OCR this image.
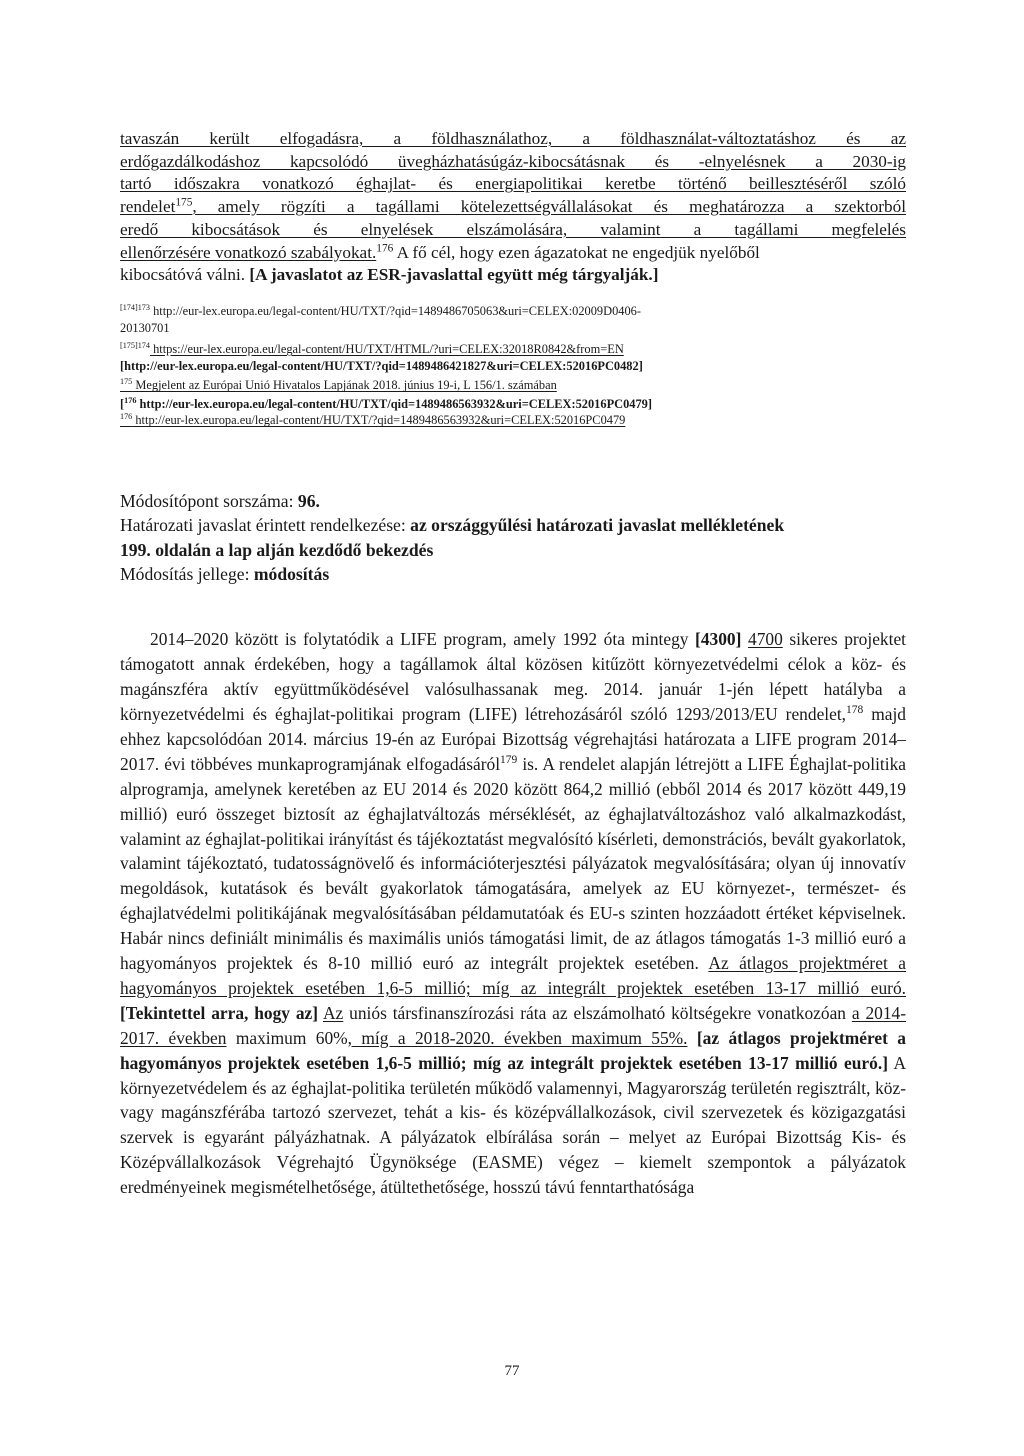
tavaszán került elfogadásra, a földhasználathoz, a földhasználat-változtatáshoz és az

erdőgazdálkodáshoz kapcsolódó üvegházhatásúgáz-kibocsátásnak és -elnyelésnek a 2030-ig

tartó időszakra vonatkozó éghajlat- és energiapolitikai keretbe történő beillesztéséről szóló

rendelet$^{175}$, amely rögzíti a tagállami kötelezettségvállalásokat és meghatározza a szektorból

eredő kibocsátások és elnyelések elszámolására, valamint a tagállami megfelelés

ellenőrzésére vonatkozó szabályokat.$^{176}$ A fő cél, hogy ezen ágazatokat ne engedjük nyelőből

kibocsátóvá válni. [A javaslatot az ESR-javaslattal együtt még tárgyalják.]

$^{[174]173}$ http://eur-lex.europa.eu/legal-content/HU/TXT/?qid=1489486705063&uri=CELEX:02009D0406-

20130701

$^{[175]174}$ https://eur-lex.europa.eu/legal-content/HU/TXT/HTML/?uri=CELEX:32018R0842&from=EN

[http://eur-lex.europa.eu/legal-content/HU/TXT/?qid=1489486421827&uri=CELEX:52016PC0482]

$^{175}$ Megjelent az Európai Unió Hivatalos Lapjának 2018. június 19-i, L 156/1. számában

[$^{176}$ http://eur-lex.europa.eu/legal-content/HU/TXT/qid=1489486563932&uri=CELEX:52016PC0479]

$^{176}$ http://eur-lex.europa.eu/legal-content/HU/TXT/?qid=1489486563932&uri=CELEX:52016PC0479

Módosítópont sorszáma: 96.

Határozati javaslat érintett rendelkezése: az országgyűlési határozati javaslat mellékletének

199. oldalán a lap alján kezdődő bekezdés

Módosítás jellege: módosítás

2014–2020 között is folytatódik a LIFE program, amely 1992 óta mintegy [4300] 4700 sikeres projektet támogatott annak érdekében, hogy a tagállamok által közösen kitűzött környezetvédelmi célok a köz- és magánszféra aktív együttműködésével valósulhassanak meg. 2014. január 1-jén lépett hatályba a környezetvédelmi és éghajlat-politikai program (LIFE) létrehozásáról szóló 1293/2013/EU rendelet,$^{178}$ majd ehhez kapcsolódóan 2014. március 19-én az Európai Bizottság végrehajtási határozata a LIFE program 2014–2017. évi többéves munkaprogramjának elfogadásáról$^{179}$ is. A rendelet alapján létrejött a LIFE Éghajlat-politika alprogramja, amelynek keretében az EU 2014 és 2020 között 864,2 millió (ebből 2014 és 2017 között 449,19 millió) euró összeget biztosít az éghajlatváltozás mérséklését, az éghajlatváltozáshoz való alkalmazkodást, valamint az éghajlat-politikai irányítást és tájékoztatást megvalósító kísérleti, demonstrációs, bevált gyakorlatok, valamint tájékoztató, tudatosságnövelő és információterjesztési pályázatok megvalósítására; olyan új innovatív megoldások, kutatások és bevált gyakorlatok támogatására, amelyek az EU környezet-, természet- és éghajlatvédelmi politikájának megvalósításában példamutatóak és EU-s szinten hozzáadott értéket képviselnek. Habár nincs definiált minimális és maximális uniós támogatási limit, de az átlagos támogatás 1-3 millió euró a hagyományos projektek és 8-10 millió euró az integrált projektek esetében. Az átlagos projektméret a hagyományos projektek esetében 1,6-5 millió; míg az integrált projektek esetében 13-17 millió euró. [Tekintettel arra, hogy az] Az uniós társfinanszírozási ráta az elszámolható költségekre vonatkozóan a 2014-2017. években maximum 60%, míg a 2018-2020. években maximum 55%. [az átlagos projektméret a hagyományos projektek esetében 1,6-5 millió; míg az integrált projektek esetében 13-17 millió euró.] A környezetvédelem és az éghajlat-politika területén működő valamennyi, Magyarország területén regisztrált, köz- vagy magánszférába tartozó szervezet, tehát a kis- és középvállalkozások, civil szervezetek és közigazgatási szervek is egyaránt pályázhatnak. A pályázatok elbírálása során – melyet az Európai Bizottság Kis- és Középvállalkozások Végrehajtó Ügynöksége (EASME) végez – kiemelt szempontok a pályázatok eredményeinek megismételhetősége, átültethetősége, hosszú távú fenntarthatósága

77
